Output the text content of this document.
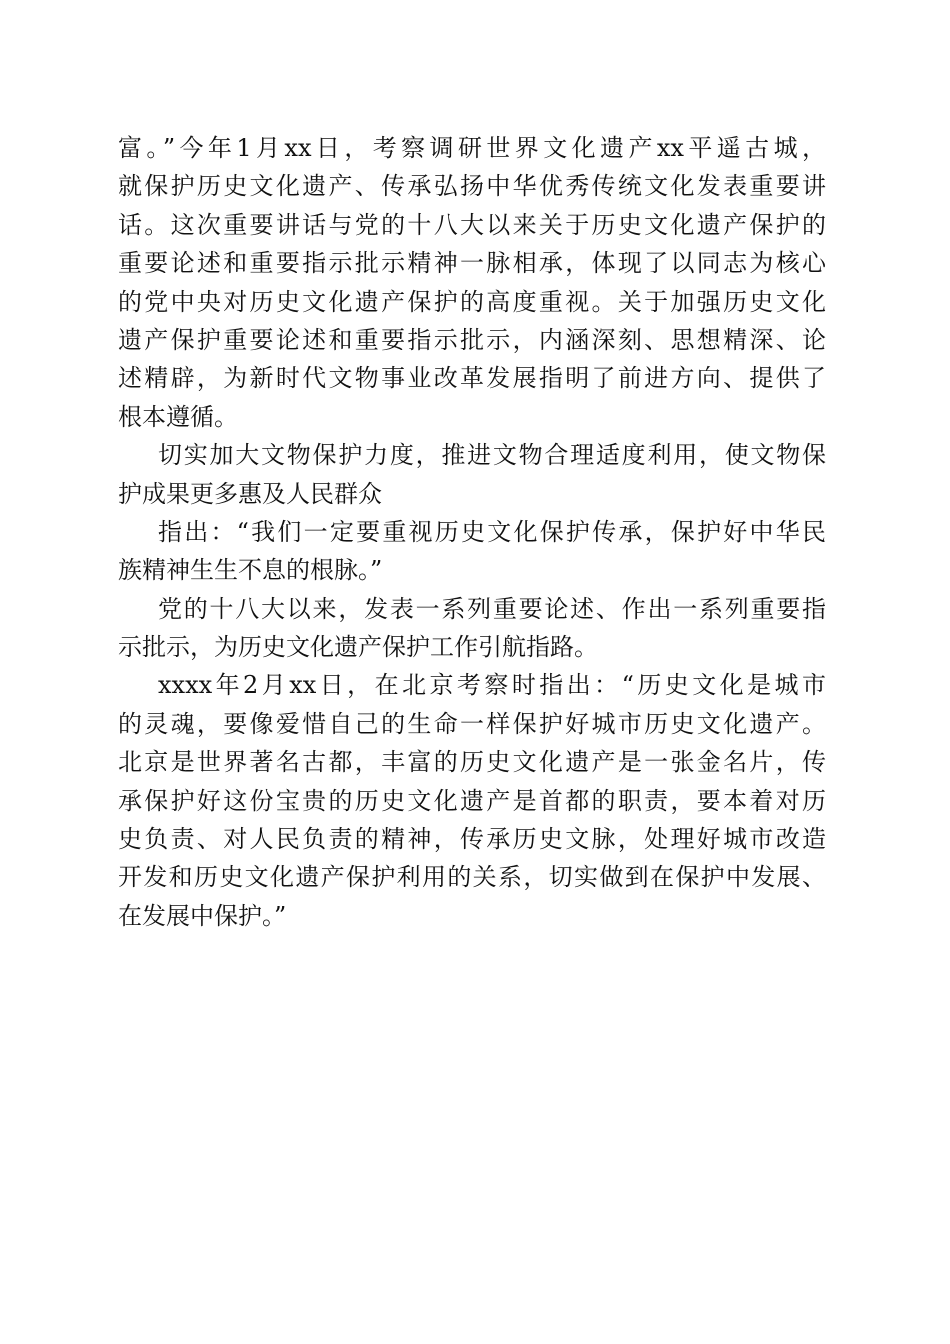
富。”今年1月xx日，考察调研世界文化遗产xx平遥古城，
就保护历史文化遗产、传承弘扬中华优秀传统文化发表重要讲
话。这次重要讲话与党的十八大以来关于历史文化遗产保护的
重要论述和重要指示批示精神一脉相承，体现了以同志为核心
的党中央对历史文化遗产保护的高度重视。关于加强历史文化
遗产保护重要论述和重要指示批示，内涵深刻、思想精深、论
述精辟，为新时代文物事业改革发展指明了前进方向、提供了
根本遵循。
切实加大文物保护力度，推进文物合理适度利用，使文物保
护成果更多惠及人民群众
指出：“我们一定要重视历史文化保护传承，保护好中华民
族精神生生不息的根脉。”
党的十八大以来，发表一系列重要论述、作出一系列重要指
示批示，为历史文化遗产保护工作引航指路。
xxxx年2月xx日，在北京考察时指出：“历史文化是城市
的灵魂，要像爱惜自己的生命一样保护好城市历史文化遗产。
北京是世界著名古都，丰富的历史文化遗产是一张金名片，传
承保护好这份宝贵的历史文化遗产是首都的职责，要本着对历
史负责、对人民负责的精神，传承历史文脉，处理好城市改造
开发和历史文化遗产保护利用的关系，切实做到在保护中发展、
在发展中保护。”
